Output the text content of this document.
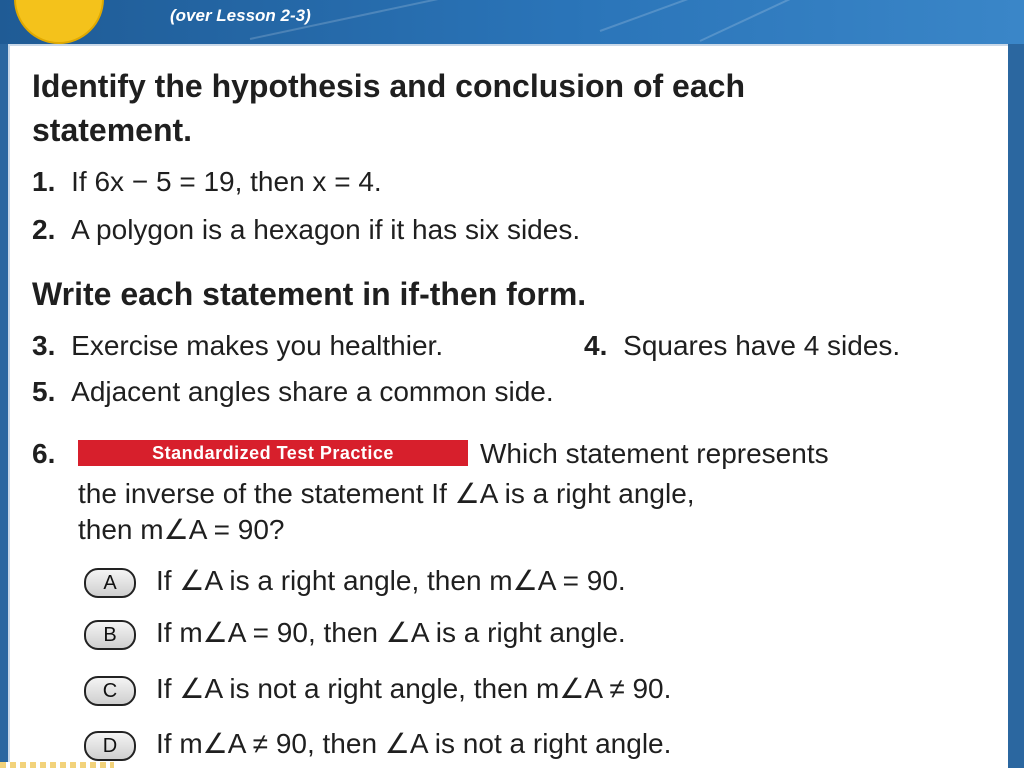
(over Lesson 2-3)
Identify the hypothesis and conclusion of each
statement.
1. If 6x − 5 = 19, then x = 4.
2. A polygon is a hexagon if it has six sides.
Write each statement in if-then form.
3. Exercise makes you healthier.	4. Squares have 4 sides.
5. Adjacent angles share a common side.
6.	Standardized Test Practice	Which statement represents
the inverse of the statement If ∠A is a right angle,
then m∠A = 90?
A	If ∠A is a right angle, then m∠A = 90.
B	If m∠A = 90, then ∠A is a right angle.
C	If ∠A is not a right angle, then m∠A ≠ 90.
D	If m∠A ≠ 90, then ∠A is not a right angle.
